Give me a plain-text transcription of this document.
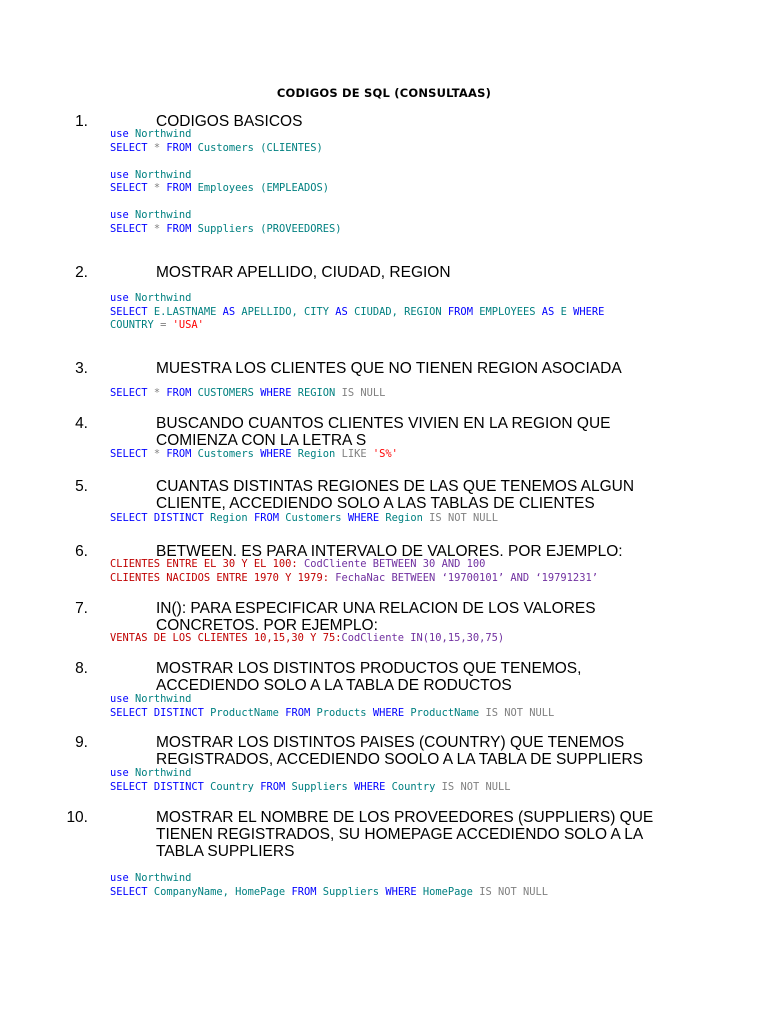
CODIGOS DE SQL (CONSULTAAS)
1.	CODIGOS BASICOS
use Northwind
SELECT * FROM Customers (CLIENTES)

use Northwind
SELECT * FROM Employees (EMPLEADOS)

use Northwind
SELECT * FROM Suppliers (PROVEEDORES)
2.	MOSTRAR APELLIDO, CIUDAD, REGION
use Northwind
SELECT E.LASTNAME AS APELLIDO, CITY AS CIUDAD, REGION FROM EMPLOYEES AS E WHERE
COUNTRY = 'USA'
3.	MUESTRA LOS CLIENTES QUE NO TIENEN REGION ASOCIADA
SELECT * FROM CUSTOMERS WHERE REGION IS NULL
4.	BUSCANDO CUANTOS CLIENTES VIVIEN EN LA REGION QUE COMIENZA CON LA LETRA S
SELECT * FROM Customers WHERE Region LIKE 'S%'
5.	CUANTAS DISTINTAS REGIONES DE LAS QUE TENEMOS ALGUN CLIENTE, ACCEDIENDO SOLO A LAS TABLAS DE CLIENTES
SELECT DISTINCT Region FROM Customers WHERE Region IS NOT NULL
6.	BETWEEN. ES PARA INTERVALO DE VALORES. POR EJEMPLO:
CLIENTES ENTRE EL 30 Y EL 100: CodCliente BETWEEN 30 AND 100
CLIENTES NACIDOS ENTRE 1970 Y 1979: FechaNac BETWEEN ‘19700101’ AND ‘19791231’
7.	IN(): PARA ESPECIFICAR UNA RELACION DE LOS VALORES CONCRETOS. POR EJEMPLO:
VENTAS DE LOS CLIENTES 10,15,30 Y 75:CodCliente IN(10,15,30,75)
8.	MOSTRAR LOS DISTINTOS PRODUCTOS QUE TENEMOS, ACCEDIENDO SOLO A LA TABLA DE RODUCTOS
use Northwind
SELECT DISTINCT ProductName FROM Products WHERE ProductName IS NOT NULL
9.	MOSTRAR LOS DISTINTOS PAISES (COUNTRY) QUE TENEMOS REGISTRADOS, ACCEDIENDO SOOLO A LA TABLA DE SUPPLIERS
use Northwind
SELECT DISTINCT Country FROM Suppliers WHERE Country IS NOT NULL
10.	MOSTRAR EL NOMBRE DE LOS PROVEEDORES (SUPPLIERS) QUE TIENEN REGISTRADOS, SU HOMEPAGE ACCEDIENDO SOLO A LA TABLA SUPPLIERS
use Northwind
SELECT CompanyName, HomePage FROM Suppliers WHERE HomePage IS NOT NULL
